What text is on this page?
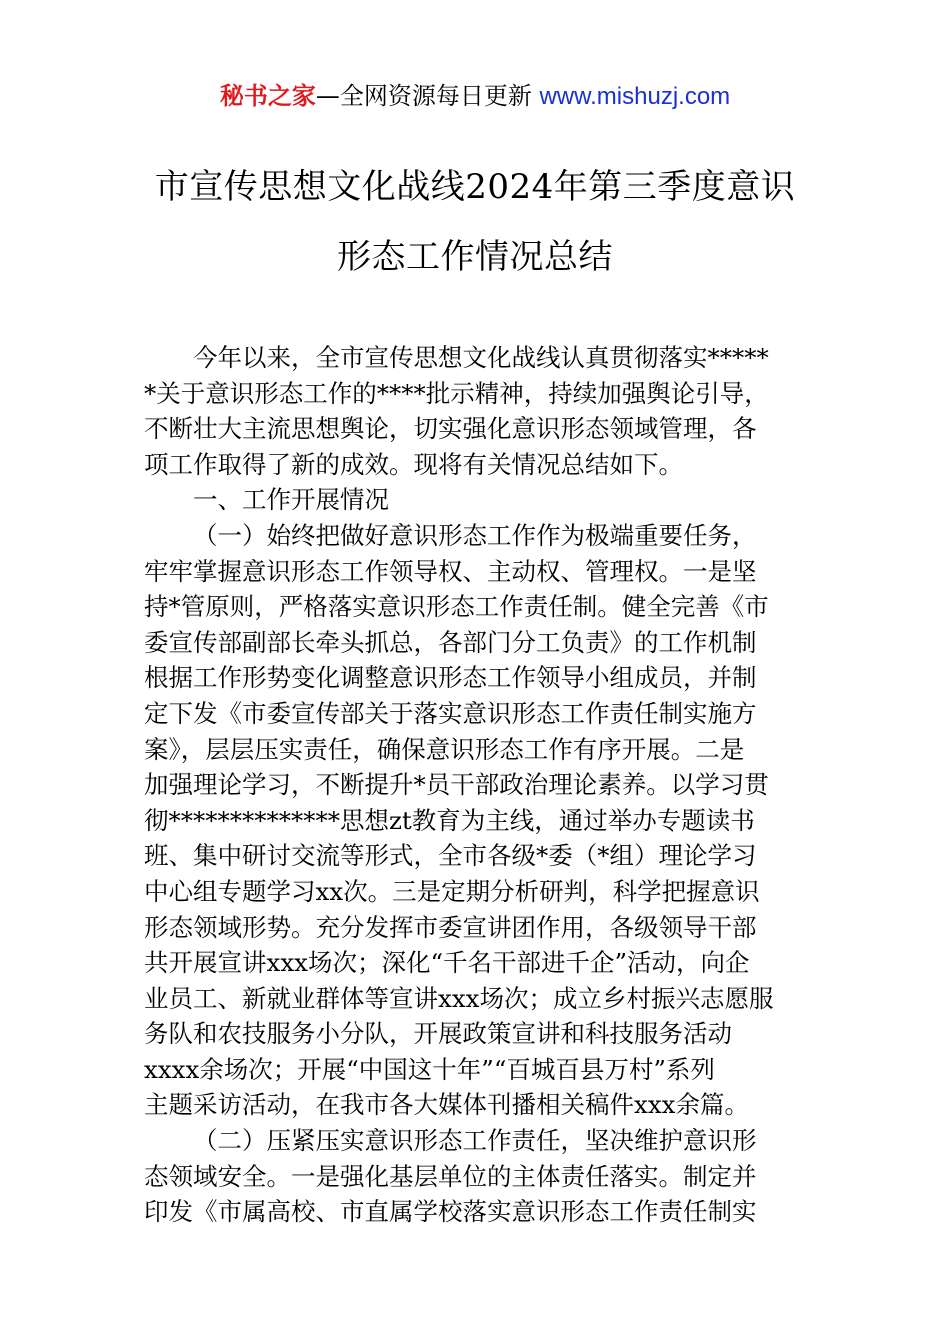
秘书之家—全网资源每日更新 www.mishuzj.com
市宣传思想文化战线2024年第三季度意识
形态工作情况总结
今年以来，全市宣传思想文化战线认真贯彻落实*****
*关于意识形态工作的****批示精神，持续加强舆论引导，
不断壮大主流思想舆论，切实强化意识形态领域管理，各
项工作取得了新的成效。现将有关情况总结如下。
一、工作开展情况
（一）始终把做好意识形态工作作为极端重要任务，
牢牢掌握意识形态工作领导权、主动权、管理权。一是坚
持*管原则，严格落实意识形态工作责任制。健全完善《市
委宣传部副部长牵头抓总，各部门分工负责》的工作机制
根据工作形势变化调整意识形态工作领导小组成员，并制
定下发《市委宣传部关于落实意识形态工作责任制实施方
案》，层层压实责任，确保意识形态工作有序开展。二是
加强理论学习，不断提升*员干部政治理论素养。以学习贯
彻**************思想zt教育为主线，通过举办专题读书
班、集中研讨交流等形式，全市各级*委（*组）理论学习
中心组专题学习xx次。三是定期分析研判，科学把握意识
形态领域形势。充分发挥市委宣讲团作用，各级领导干部
共开展宣讲xxx场次；深化“千名干部进千企”活动，向企
业员工、新就业群体等宣讲xxx场次；成立乡村振兴志愿服
务队和农技服务小分队，开展政策宣讲和科技服务活动
xxxx余场次；开展“中国这十年”“百城百县万村”系列
主题采访活动，在我市各大媒体刊播相关稿件xxx余篇。
（二）压紧压实意识形态工作责任，坚决维护意识形
态领域安全。一是强化基层单位的主体责任落实。制定并
印发《市属高校、市直属学校落实意识形态工作责任制实
